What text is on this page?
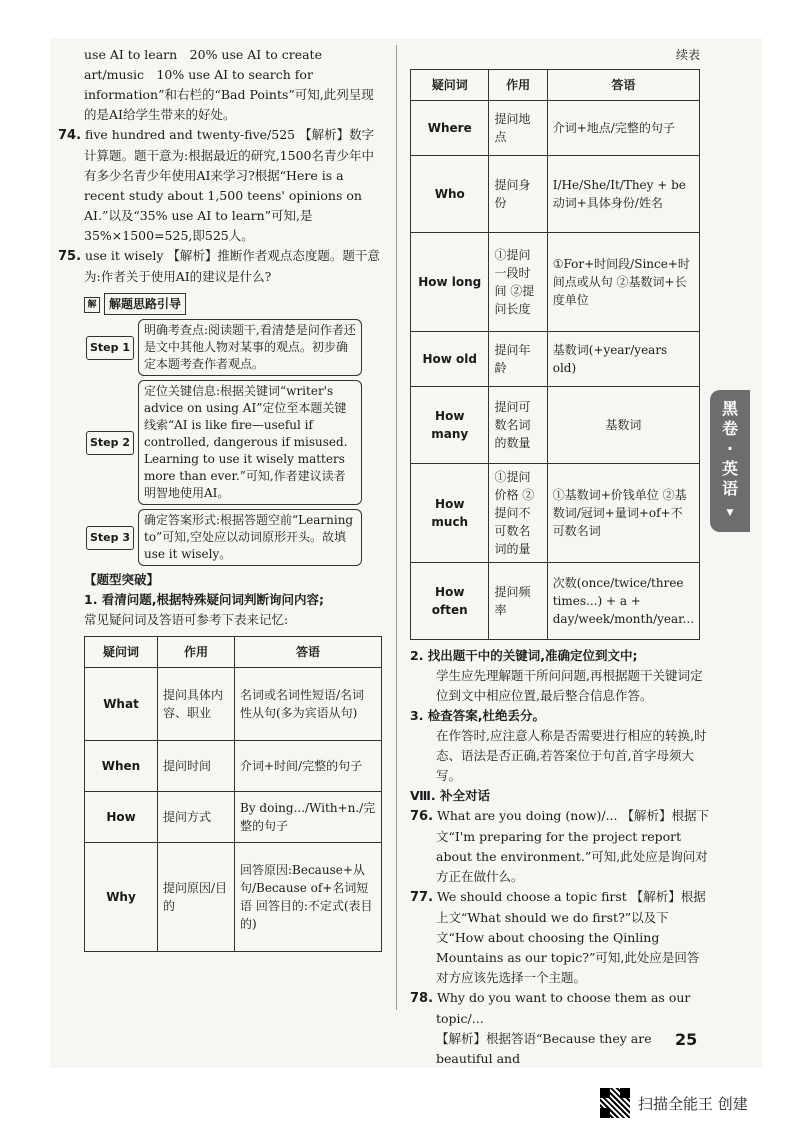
黑
卷
·
英
语
▼

use AI to learn　20% use AI to create art/music　10% use AI to search for information”和右栏的“Bad Points”可知,此列呈现的是AI给学生带来的好处。

74. five hundred and twenty-five/525 【解析】数字计算题。题干意为:根据最近的研究,1500名青少年中有多少名青少年使用AI来学习?根据“Here is a recent study about 1,500 teens' opinions on AI.”以及“35% use AI to learn”可知,是35%×1500=525,即525人。

75. use it wisely 【解析】推断作者观点态度题。题干意为:作者关于使用AI的建议是什么?

解 解题思路引导
Step 1
明确考查点:阅读题干,看清楚是问作者还是文中其他人物对某事的观点。初步确定本题考查作者观点。
Step 2
定位关键信息:根据关键词“writer's advice on using AI”定位至本题关键线索“AI is like fire—useful if controlled, dangerous if misused. Learning to use it wisely matters more than ever.”可知,作者建议读者明智地使用AI。
Step 3
确定答案形式:根据答题空前“Learning to”可知,空处应以动词原形开头。故填use it wisely。

【题型突破】

1. 看清问题,根据特殊疑问词判断询问内容;

常见疑问词及答语可参考下表来记忆:

疑问词	作用	答语
What	提问具体内容、职业	名词或名词性短语/名词性从句(多为宾语从句)
When	提问时间	介词+时间/完整的句子
How	提问方式	By doing.../With+n./完整的句子
Why	提问原因/目的	回答原因:Because+从句/Because of+名词短语 回答目的:不定式(表目的)
续表
疑问词	作用	答语
Where	提问地点	介词+地点/完整的句子
Who	提问身份	I/He/She/It/They + be动词+具体身份/姓名
How long	①提问一段时间 ②提问长度	①For+时间段/Since+时间点或从句 ②基数词+长度单位
How old	提问年龄	基数词(+year/years old)
How many	提问可数名词的数量	基数词
How much	①提问价格 ②提问不可数名词的量	①基数词+价钱单位 ②基数词/冠词+量词+of+不可数名词
How often	提问频率	次数(once/twice/three times...) + a + day/week/month/year...

2. 找出题干中的关键词,准确定位到文中;

学生应先理解题干所问问题,再根据题干关键词定位到文中相应位置,最后整合信息作答。

3. 检查答案,杜绝丢分。

在作答时,应注意人称是否需要进行相应的转换,时态、语法是否正确,若答案位于句首,首字母须大写。

Ⅷ. 补全对话

76. What are you doing (now)/... 【解析】根据下文“I'm preparing for the project report about the environment.”可知,此处应是询问对方正在做什么。

77. We should choose a topic first 【解析】根据上文“What should we do first?”以及下文“How about choosing the Qinling Mountains as our topic?”可知,此处应是回答对方应该先选择一个主题。

78. Why do you want to choose them as our topic/...

【解析】根据答语“Because they are beautiful and

25
扫描全能王 创建
